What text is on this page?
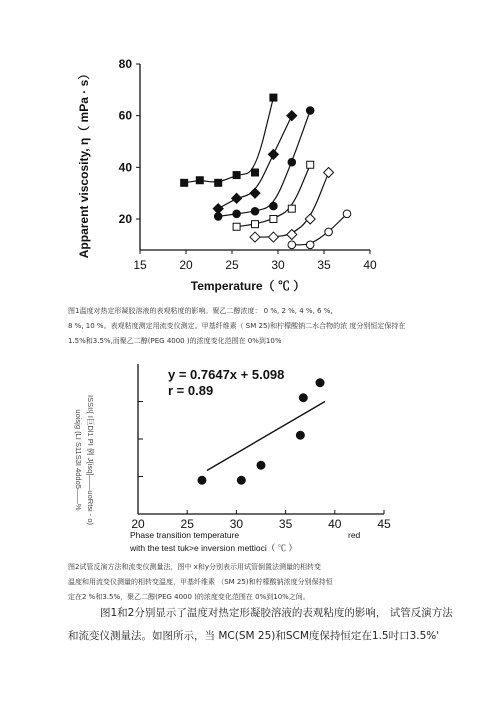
15	20	25	30	35	40
20
40
60
80
Apparent viscosity, η（ mPa · s）
Temperature（ ℃ ）
图1温度对热定形凝胶溶液的表观粘度的影响。聚乙二醇浓度： 0 %, 2 %, 4 %, 6 %,
8 %, 10 %。表观粘度测定用流变仪测定。甲基纤维素（ SM 25)和柠檬酸钠二水合物的浓 度分别恒定保持在
1.5%和3.5%,而聚乙二醇(PEG 4000 )的浓度变化范围在 0%到10%
20	25	30	35	40	45
y = 0.7647x + 5.098
r = 0.89
uoisjg (LI S11S3I 4ddo5——% ISSI!{ I巨Dl1 PI 例 J{isq]——uoRtsi - o)
Phase transition temperature	red
with the test tuk>e inversion mettioci（ ℃ ）
图2试管反演方法和流变仪测量法，图中 x和y分别表示用试管倒置法测量的相转变
温度和用流变仪测量的相转变温度，甲基纤维素 （SM 25)和柠檬酸钠浓度分别保持恒
定在2 %和3.5%，聚乙二醇(PEG 4000 )的浓度变化范围在 0%到10%之间。
图1和2分别显示了温度对热定形凝胶溶液的表观粘度的影响， 试管反演方法
和流变仪测量法。如图所示，当 MC(SM 25)和SCM度保持恒定在1.5吋口3.5%'
